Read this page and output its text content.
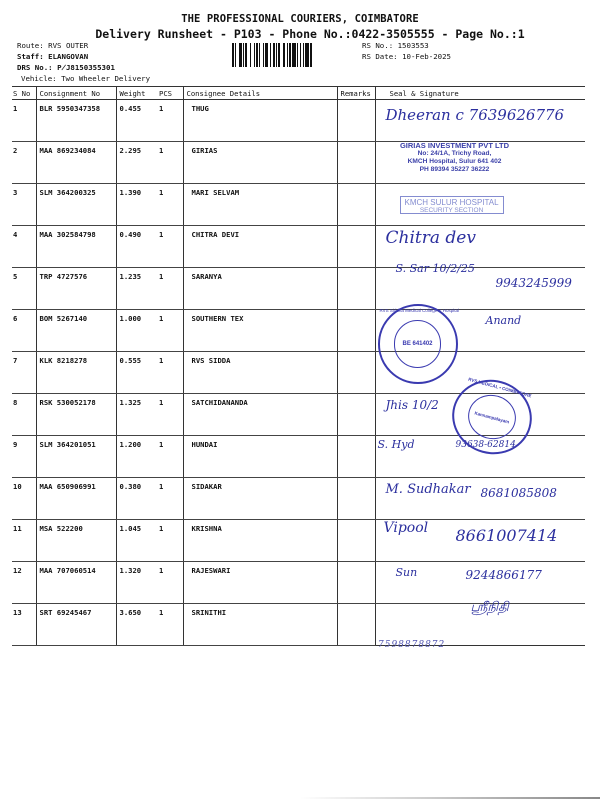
THE PROFESSIONAL COURIERS, COIMBATORE
Delivery Runsheet - P103 - Phone No.:0422-3505555 - Page No.:1
Route: RVS OUTER
Staff: ELANGOVAN
DRS No.: P̸J8150355301
Vehicle: Two Wheeler Delivery
RS No.: 1503553
RS Date: 10-Feb-2025
S No	Consignment No	Weight	PCS	Consignee Details	Remarks	Seal & Signature
1	BLR 5950347358	0.455	1	THUG		Dheeran c 7639626776

2	MAA 869234084	2.295	1	GIRIAS		GIRIAS INVESTMENT PVT LTD
No: 24/1A, Trichy Road,
KMCH Hospital, Sulur 641 402
PH 89394 35227 36222

3	SLM 364200325	1.390	1	MARI SELVAM		KMCH SULUR HOSPITAL
SECURITY SECTION

4	MAA 302584798	0.490	1	CHITRA DEVI		Chitra dev

5	TRP 4727576	1.235	1	SARANYA		S. Sar 10/2/25
9943245999

6	BOM 5267140	1.000	1	SOUTHERN TEX		Anand
BE 641402
RVS Siddha Medical College & Hospital

7	KLK 8218278	0.555	1	RVS SIDDA		
8	RSK 530052178	1.325	1	SATCHIDANANDA		Jhis 10/2
Kannampalayam
RVS MEDICAL • COIMBATORE

9	SLM 364201051	1.200	1	HUNDAI		S. Hyd 93638-62814

10	MAA 650906991	0.380	1	SIDAKAR		M. Sudhakar 8681085808

11	MSA 522200	1.045	1	KRISHNA		Vipool 8661007414

12	MAA 707060514	1.320	1	RAJESWARI		Sun 9244866177

13	SRT 69245467	3.650	1	SRINITHI		ஸ்ரீநிதி
7598878872
